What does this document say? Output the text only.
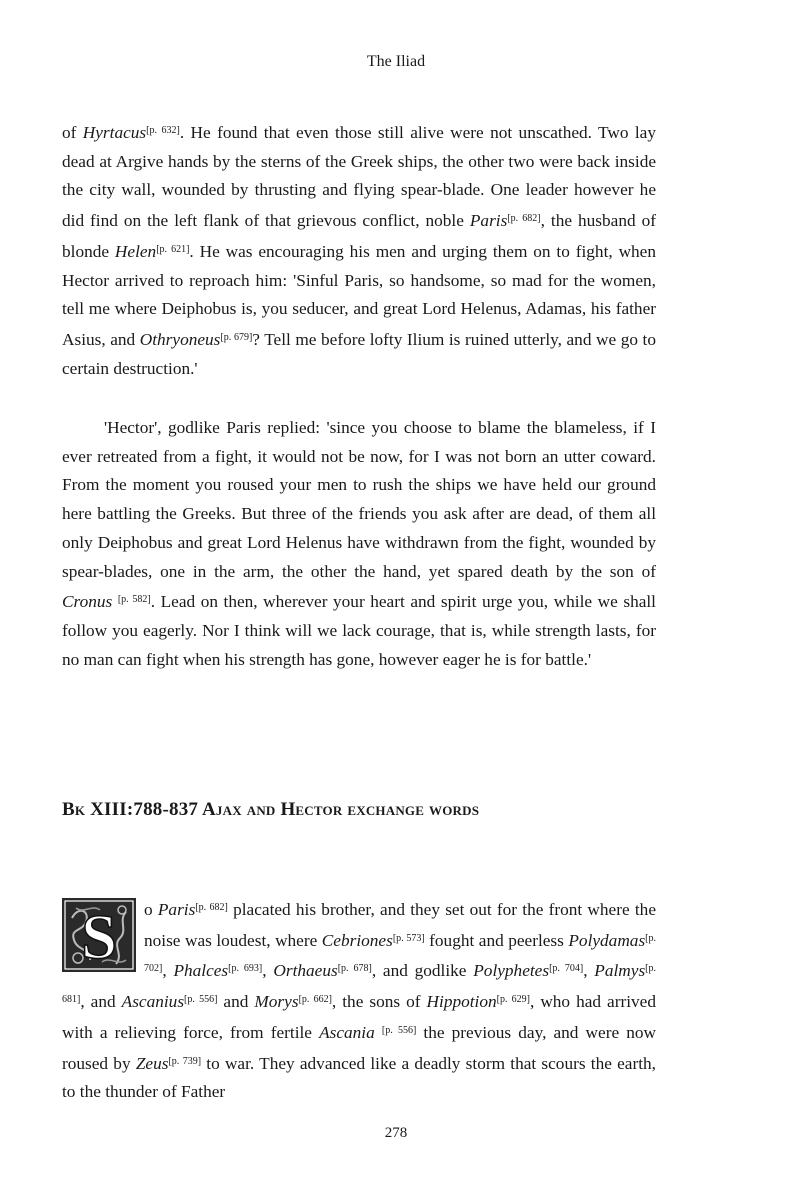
The Iliad

of Hyrtacus[p. 632]. He found that even those still alive were not unscathed. Two lay dead at Argive hands by the sterns of the Greek ships, the other two were back inside the city wall, wounded by thrusting and flying spear-blade. One leader however he did find on the left flank of that grievous conflict, noble Paris[p. 682], the husband of blonde Helen[p. 621]. He was encouraging his men and urging them on to fight, when Hector arrived to reproach him: 'Sinful Paris, so handsome, so mad for the women, tell me where Deiphobus is, you seducer, and great Lord Helenus, Adamas, his father Asius, and Othryoneus[p. 679]? Tell me before lofty Ilium is ruined utterly, and we go to certain destruction.'

'Hector', godlike Paris replied: 'since you choose to blame the blameless, if I ever retreated from a fight, it would not be now, for I was not born an utter coward. From the moment you roused your men to rush the ships we have held our ground here battling the Greeks. But three of the friends you ask after are dead, of them all only Deiphobus and great Lord Helenus have withdrawn from the fight, wounded by spear-blades, one in the arm, the other the hand, yet spared death by the son of Cronus [p. 582]. Lead on then, wherever your heart and spirit urge you, while we shall follow you eagerly. Nor I think will we lack courage, that is, while strength lasts, for no man can fight when his strength has gone, however eager he is for battle.'

Bk XIII:788-837 Ajax and Hector exchange words
S	o Paris[p. 682] placated his brother, and they set out for the front where the noise was loudest, where Cebriones[p. 573] fought and peerless Polydamas[p. 702], Phalces[p. 693], Orthaeus[p. 678], and godlike Polyphetes[p. 704], Palmys[p. 681], and Ascanius[p. 556] and Morys[p. 662], the sons of Hippotion[p. 629], who had arrived with a relieving force, from fertile Ascania [p. 556] the previous day, and were now roused by Zeus[p. 739] to war. They advanced like a deadly storm that scours the earth, to the thunder of Father

278
